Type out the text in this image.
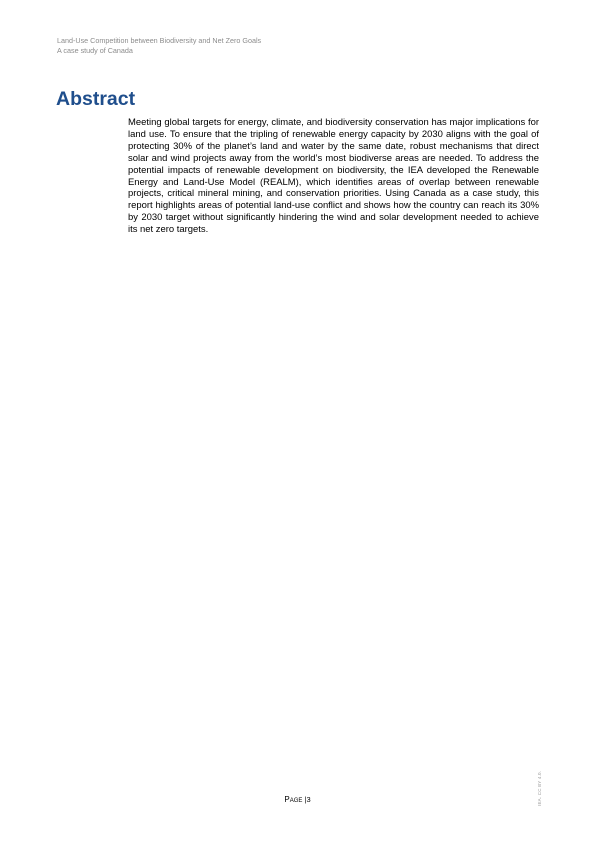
Land-Use Competition between Biodiversity and Net Zero Goals
A case study of Canada
Abstract

Meeting global targets for energy, climate, and biodiversity conservation has major implications for land use. To ensure that the tripling of renewable energy capacity by 2030 aligns with the goal of protecting 30% of the planet’s land and water by the same date, robust mechanisms that direct solar and wind projects away from the world’s most biodiverse areas are needed. To address the potential impacts of renewable development on biodiversity, the IEA developed the Renewable Energy and Land-Use Model (REALM), which identifies areas of overlap between renewable projects, critical mineral mining, and conservation priorities. Using Canada as a case study, this report highlights areas of potential land-use conflict and shows how the country can reach its 30% by 2030 target without significantly hindering the wind and solar development needed to achieve its net zero targets.

Page |3	IEA. CC BY 4.0.
